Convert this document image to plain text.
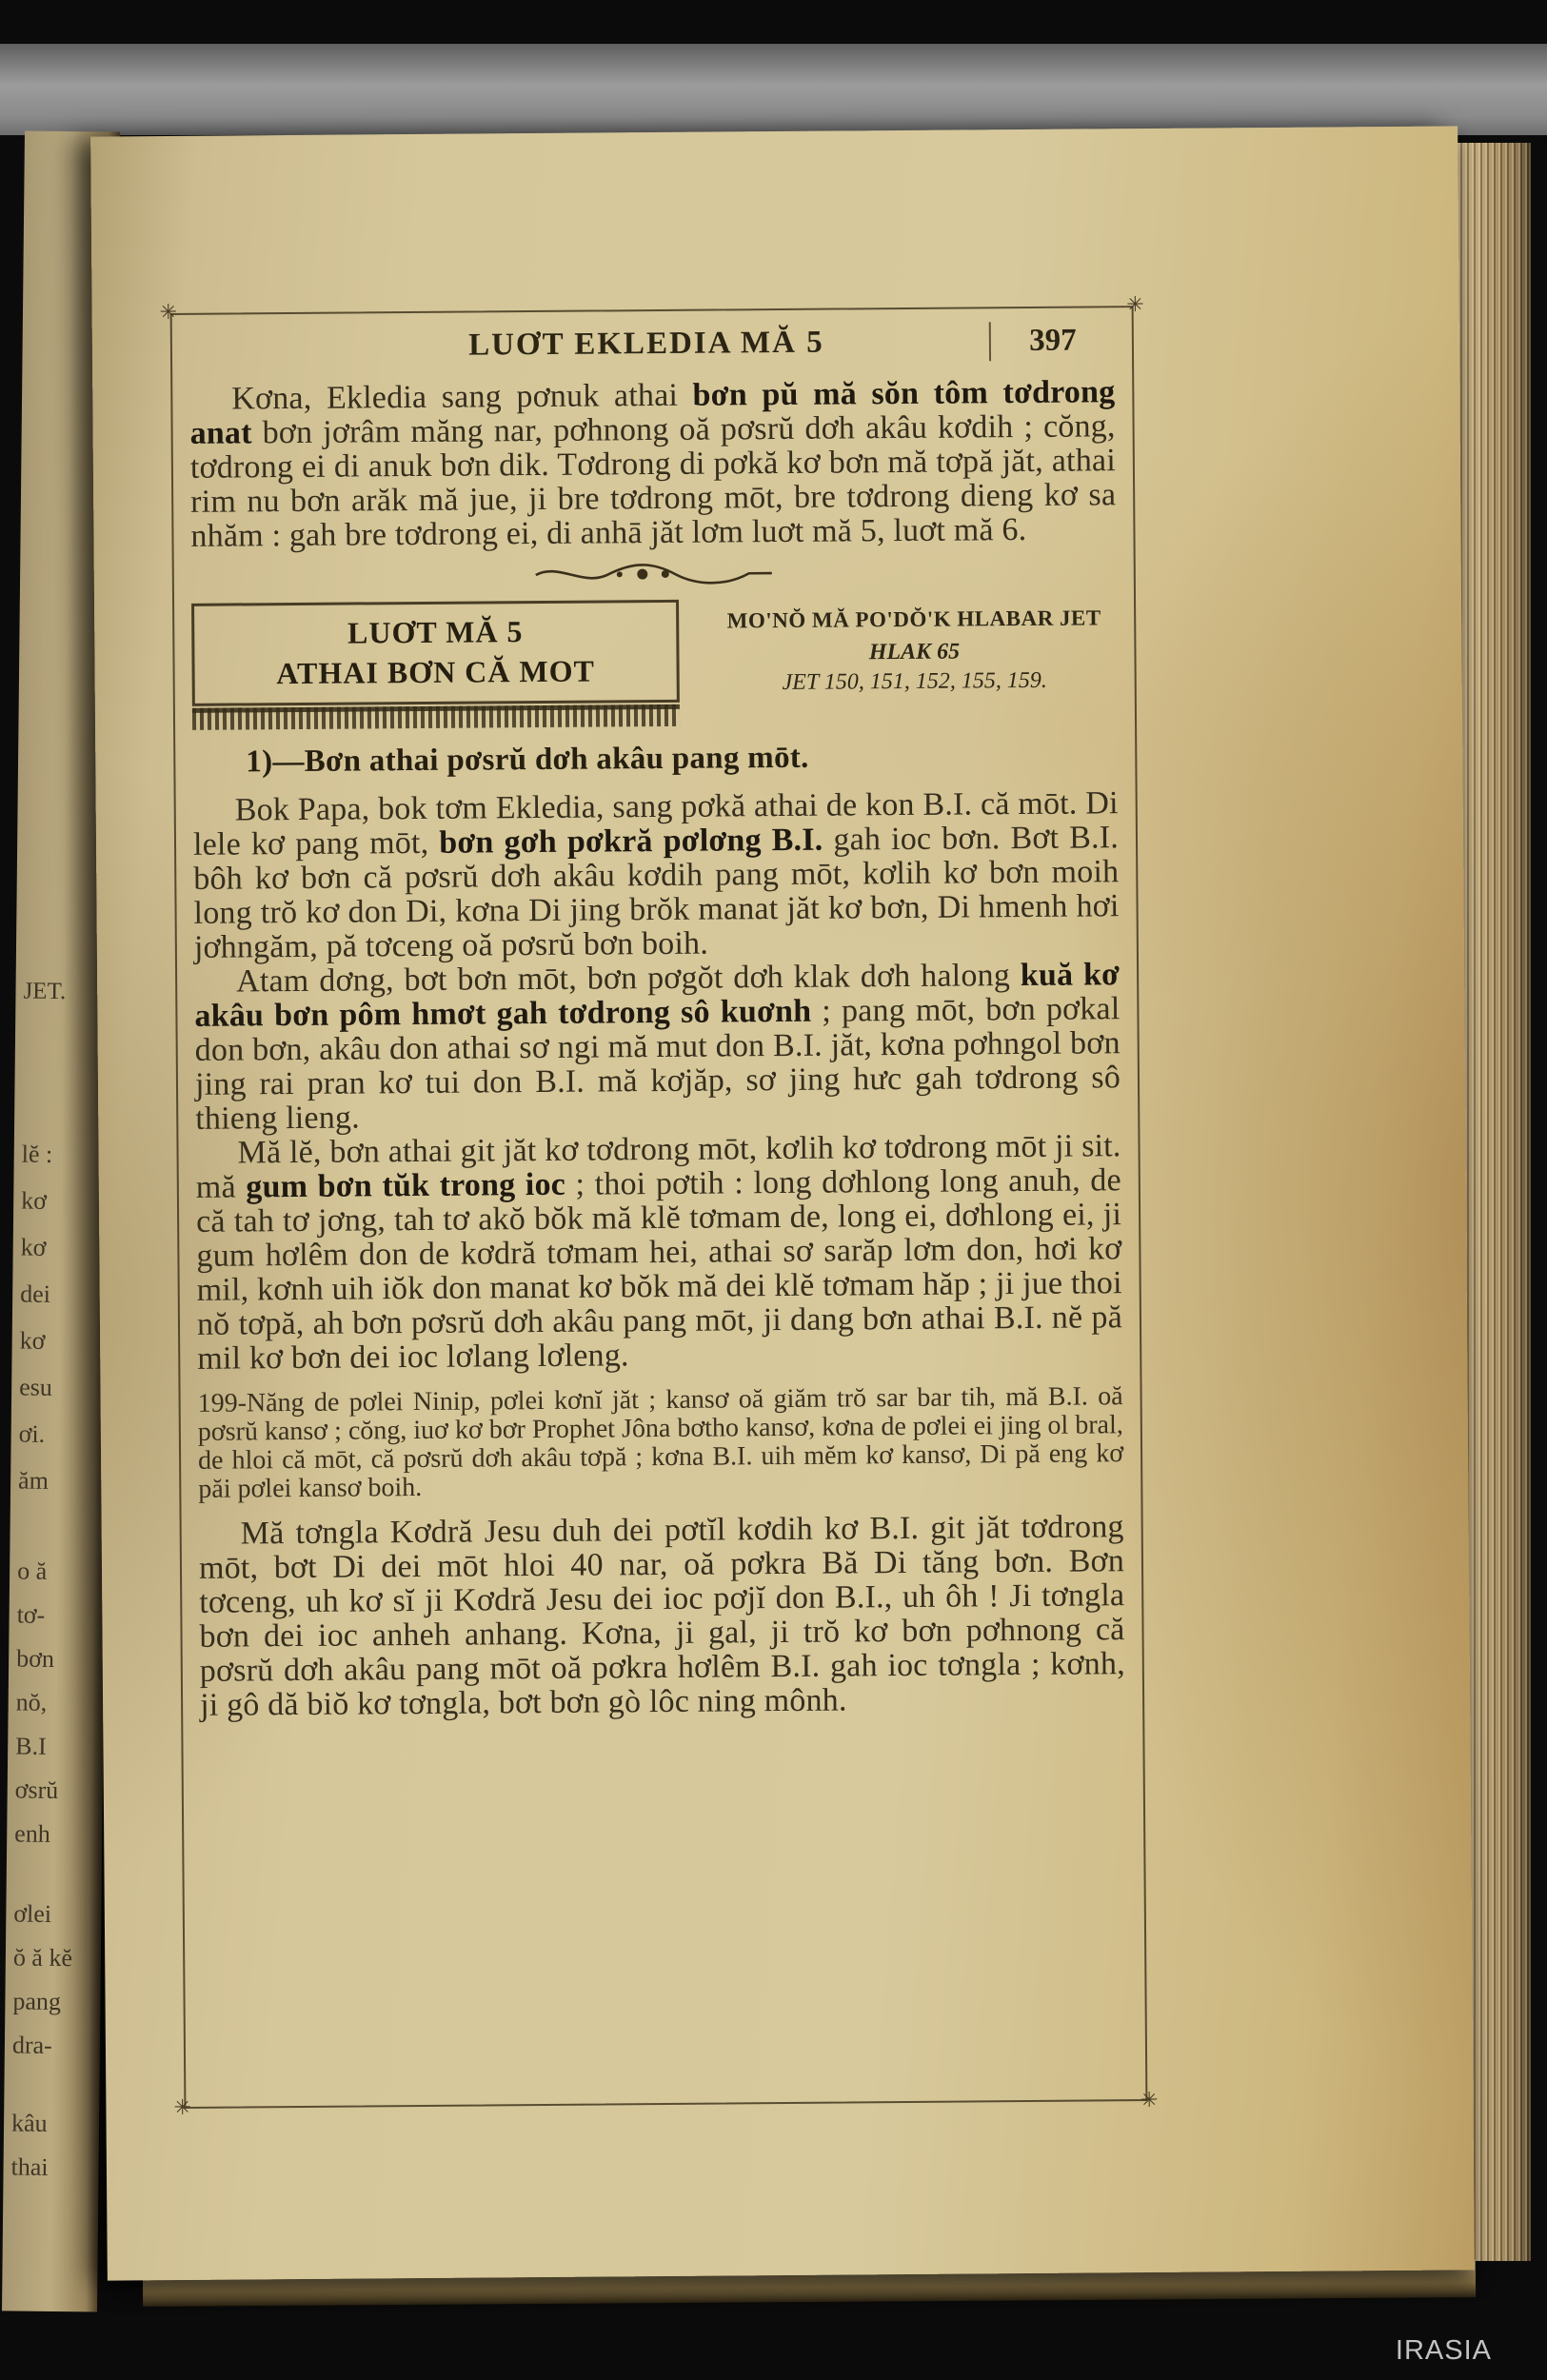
JET.
lĕ :
kơ
kơ
dei
kơ
esu
ơi.
ăm
o ă
tơ-
bơn
nŏ,
B.I
ơsrŭ
enh
ơlei
ŏ ă kĕ
pang
dra-
kâu
thai
✳	✳
✳	✳
LUƠT EKLEDIA MĂ 5	397

Kơna, Ekledia sang pơnuk athai bơn pŭ mă sŏn tôm tơdrong anat bơn jơrâm măng nar, pơhnong oă pơsrŭ dơh akâu kơdih ; cŏng, tơdrong ei di anuk bơn dik. Tơdrong di pơkă kơ bơn mă tơpă jăt, athai rim nu bơn arăk mă jue, ji bre tơdrong mōt, bre tơdrong dieng kơ sa nhăm : gah bre tơdrong ei, di anhā jăt lơm luơt mă 5, luơt mă 6.

LUƠT MĂ 5
ATHAI BƠN CĂ MOT
MO'NŎ MĂ PO'DŎ'K HLABAR JET
HLAK 65
JET 150, 151, 152, 155, 159.
1)—Bơn athai pơsrŭ dơh akâu pang mōt.

Bok Papa, bok tơm Ekledia, sang pơkă athai de kon B.I. că mōt. Di lele kơ pang mōt, bơn gơh pơkră pơlơng B.I. gah ioc bơn. Bơt B.I. bôh kơ bơn că pơsrŭ dơh akâu kơdih pang mōt, kơlih kơ bơn moih long trŏ kơ don Di, kơna Di jing brŏk manat jăt kơ bơn, Di hmenh hơi jơhngăm, pă tơceng oă pơsrŭ bơn boih.

Atam dơng, bơt bơn mōt, bơn pơgŏt dơh klak dơh halong kuă kơ akâu bơn pôm hmơt gah tơdrong sô kuơnh ; pang mōt, bơn pơkal don bơn, akâu don athai sơ ngi mă mut don B.I. jăt, kơna pơhngol bơn jing rai pran kơ tui don B.I. mă kơjăp, sơ jing hưc gah tơdrong sô thieng lieng.

Mă lĕ, bơn athai git jăt kơ tơdrong mōt, kơlih kơ tơdrong mōt ji sit. mă gum bơn tŭk trong ioc ; thoi pơtih : long dơhlong long anuh, de că tah tơ jơng, tah tơ akŏ bŏk mă klĕ tơmam de, long ei, dơhlong ei, ji gum hơlêm don de kơdră tơmam hei, athai sơ sarăp lơm don, hơi kơ mil, kơnh uih iŏk don manat kơ bŏk mă dei klĕ tơmam hăp ; ji jue thoi nŏ tơpă, ah bơn pơsrŭ dơh akâu pang mōt, ji dang bơn athai B.I. nĕ pă mil kơ bơn dei ioc lơlang lơleng.

199-Năng de pơlei Ninip, pơlei kơnĭ jăt ; kansơ oă giăm trŏ sar bar tih, mă B.I. oă pơsrŭ kansơ ; cŏng, iuơ kơ bơr Prophet Jôna bơtho kansơ, kơna de pơlei ei jing ol bral, de hloi că mōt, că pơsrŭ dơh akâu tơpă ; kơna B.I. uih mĕm kơ kansơ, Di pă eng kơ păi pơlei kansơ boih.

Mă tơngla Kơdră Jesu duh dei pơtĭl kơdih kơ B.I. git jăt tơdrong mōt, bơt Di dei mōt hloi 40 nar, oă pơkra Bă Di tăng bơn. Bơn tơceng, uh kơ sĭ ji Kơdră Jesu dei ioc pơjĭ don B.I., uh ôh ! Ji tơngla bơn dei ioc anheh anhang. Kơna, ji gal, ji trŏ kơ bơn pơhnong că pơsrŭ dơh akâu pang mōt oă pơkra hơlêm B.I. gah ioc tơngla ; kơnh, ji gô dă biŏ kơ tơngla, bơt bơn gò lôc ning mônh.

IRASIA
